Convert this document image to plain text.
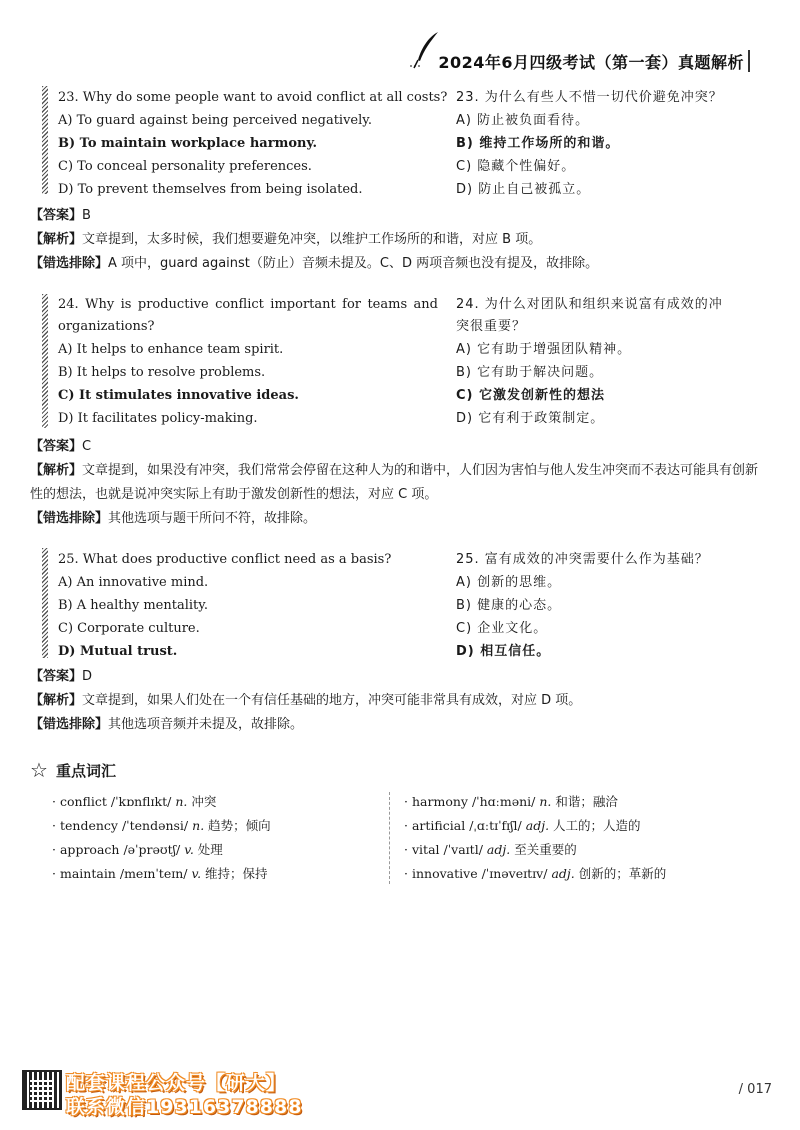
2024年6月四级考试（第一套）真题解析
23. Why do some people want to avoid conflict at all costs?
A) To guard against being perceived negatively.
B) To maintain workplace harmony.
C) To conceal personality preferences.
D) To prevent themselves from being isolated.
23. 为什么有些人不惜一切代价避免冲突？
A) 防止被负面看待。
B) 维持工作场所的和谐。
C) 隐藏个性偏好。
D) 防止自己被孤立。
【答案】B
【解析】文章提到，太多时候，我们想要避免冲突，以维护工作场所的和谐，对应 B 项。
【错选排除】A 项中，guard against（防止）音频未提及。C、D 两项音频也没有提及，故排除。
24. Why is productive conflict important for teams and organizations?
A) It helps to enhance team spirit.
B) It helps to resolve problems.
C) It stimulates innovative ideas.
D) It facilitates policy-making.
24. 为什么对团队和组织来说富有成效的冲突很重要？
A) 它有助于增强团队精神。
B) 它有助于解决问题。
C) 它激发创新性的想法
D) 它有利于政策制定。
【答案】C
【解析】文章提到，如果没有冲突，我们常常会停留在这种人为的和谐中，人们因为害怕与他人发生冲突而不表达可能具有创新性的想法，也就是说冲突实际上有助于激发创新性的想法，对应 C 项。
【错选排除】其他选项与题干所问不符，故排除。
25. What does productive conflict need as a basis?
A) An innovative mind.
B) A healthy mentality.
C) Corporate culture.
D) Mutual trust.
25. 富有成效的冲突需要什么作为基础？
A) 创新的思维。
B) 健康的心态。
C) 企业文化。
D) 相互信任。
【答案】D
【解析】文章提到，如果人们处在一个有信任基础的地方，冲突可能非常具有成效，对应 D 项。
【错选排除】其他选项音频并未提及，故排除。
☆ 重点词汇
· conflict /ˈkɒnflɪkt/ n. 冲突
· tendency /ˈtendənsi/ n. 趋势；倾向
· approach /əˈprəʊtʃ/ v. 处理
· maintain /meɪnˈteɪn/ v. 维持；保持
· harmony /ˈhɑːməni/ n. 和谐；融洽
· artificial /ˌɑːtɪˈfɪʃl/ adj. 人工的；人造的
· vital /ˈvaɪtl/ adj. 至关重要的
· innovative /ˈɪnəveɪtɪv/ adj. 创新的；革新的
配套课程公众号【研大】
联系微信19316378888
/ 017
